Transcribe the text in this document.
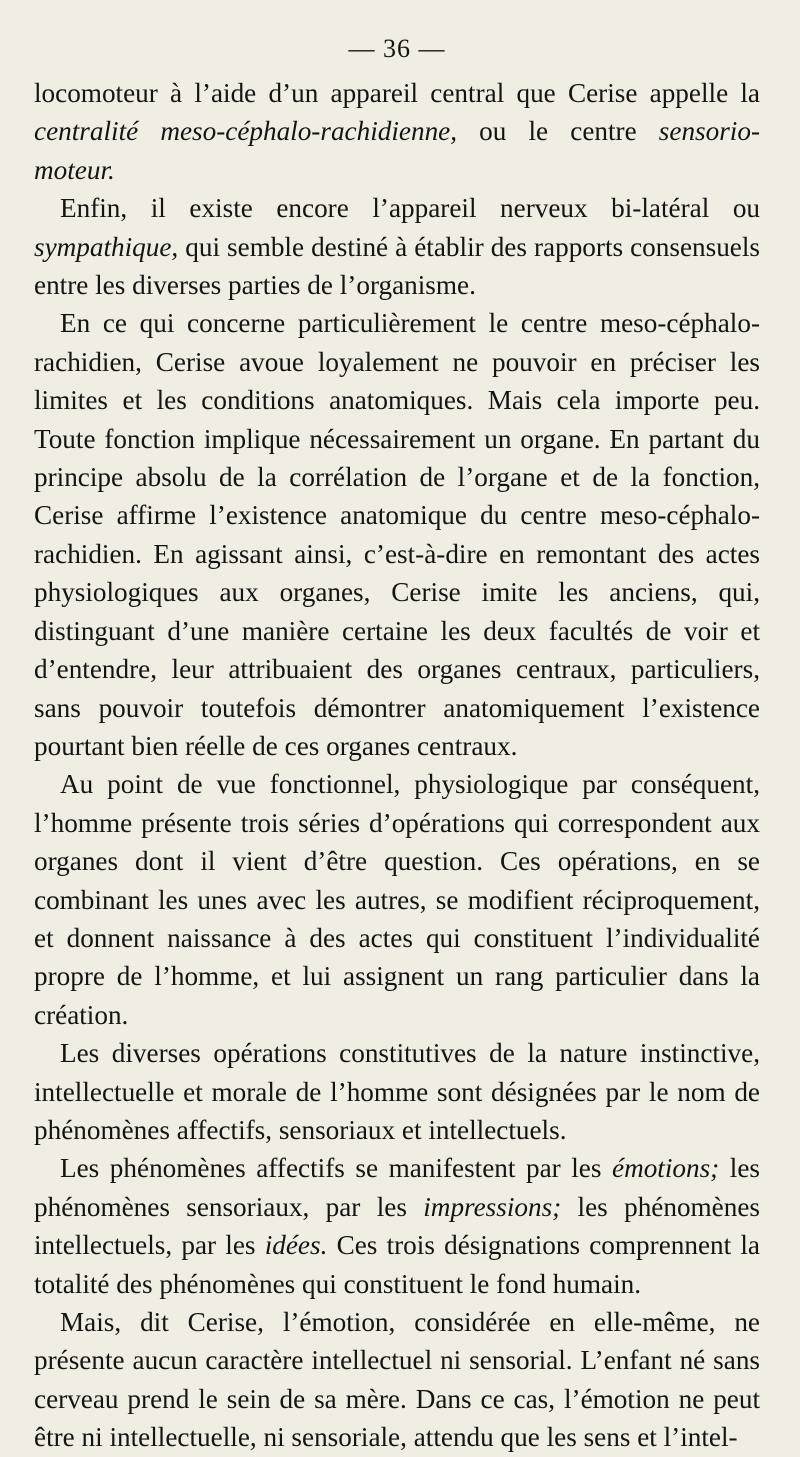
— 36 —

locomoteur à l’aide d’un appareil central que Cerise appelle la centralité meso-céphalo-rachidienne, ou le centre sensorio-moteur.

Enfin, il existe encore l’appareil nerveux bi-latéral ou sympathique, qui semble destiné à établir des rapports consensuels entre les diverses parties de l’organisme.

En ce qui concerne particulièrement le centre meso-céphalo-rachidien, Cerise avoue loyalement ne pouvoir en préciser les limites et les conditions anatomiques. Mais cela importe peu. Toute fonction implique nécessairement un organe. En partant du principe absolu de la corrélation de l’organe et de la fonction, Cerise affirme l’existence anatomique du centre meso-céphalo-rachidien. En agissant ainsi, c’est-à-dire en remontant des actes physiologiques aux organes, Cerise imite les anciens, qui, distinguant d’une manière certaine les deux facultés de voir et d’entendre, leur attribuaient des organes centraux, particuliers, sans pouvoir toutefois démontrer anatomiquement l’existence pourtant bien réelle de ces organes centraux.

Au point de vue fonctionnel, physiologique par conséquent, l’homme présente trois séries d’opérations qui correspondent aux organes dont il vient d’être question. Ces opérations, en se combinant les unes avec les autres, se modifient réciproquement, et donnent naissance à des actes qui constituent l’individualité propre de l’homme, et lui assignent un rang particulier dans la création.

Les diverses opérations constitutives de la nature instinctive, intellectuelle et morale de l’homme sont désignées par le nom de phénomènes affectifs, sensoriaux et intellectuels.

Les phénomènes affectifs se manifestent par les émotions; les phénomènes sensoriaux, par les impressions; les phénomènes intellectuels, par les idées. Ces trois désignations comprennent la totalité des phénomènes qui constituent le fond humain.

Mais, dit Cerise, l’émotion, considérée en elle-même, ne présente aucun caractère intellectuel ni sensorial. L’enfant né sans cerveau prend le sein de sa mère. Dans ce cas, l’émotion ne peut être ni intellectuelle, ni sensoriale, attendu que les sens et l’intel-
